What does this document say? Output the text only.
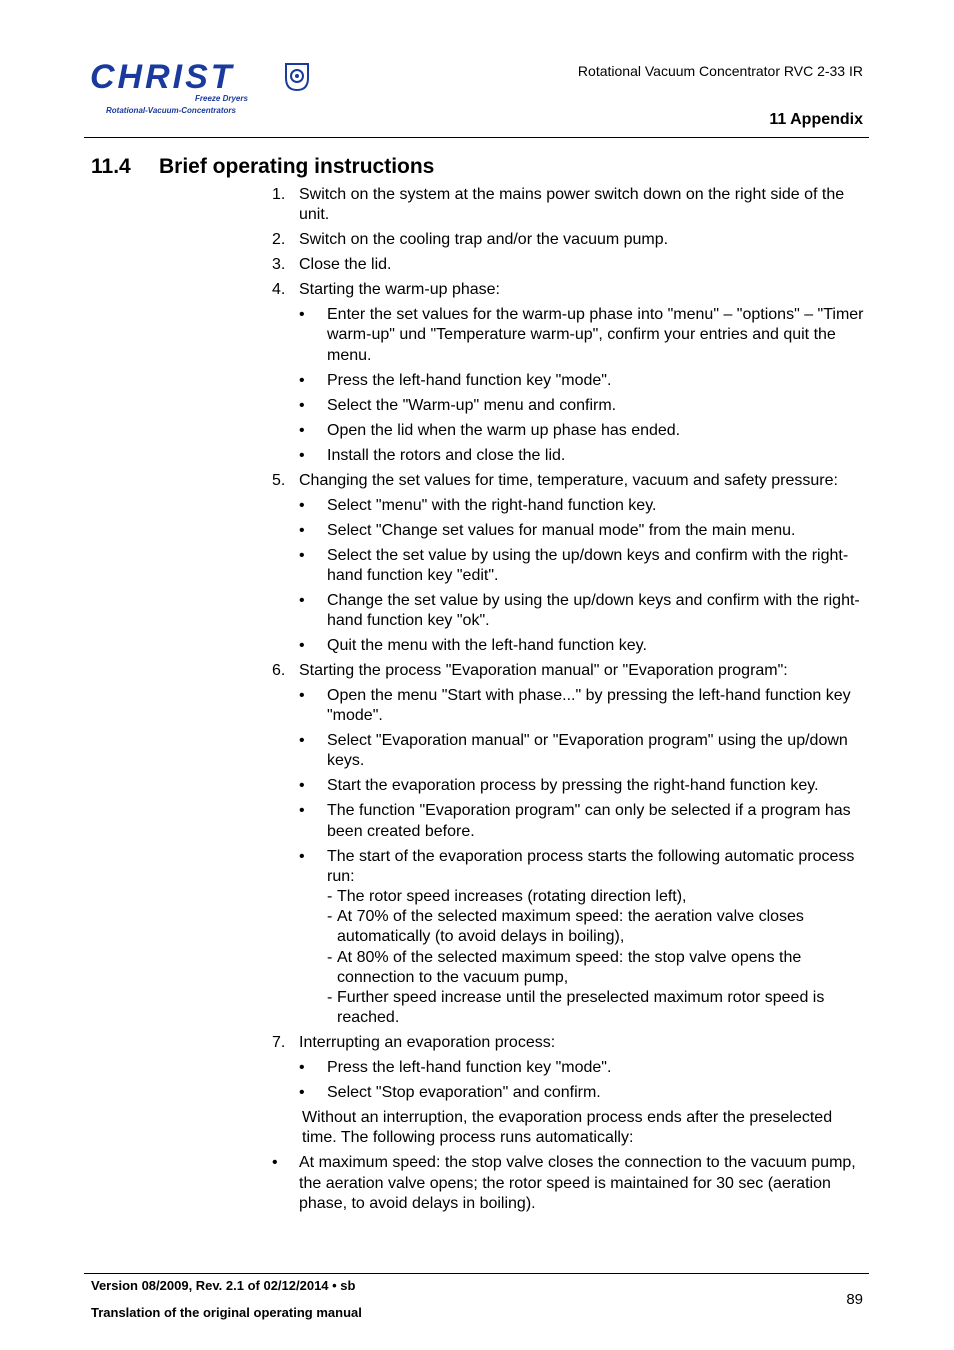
CHRIST
Freeze Dryers
Rotational-Vacuum-Concentrators
Rotational Vacuum Concentrator RVC 2-33 IR
11 Appendix
11.4 Brief operating instructions
1. Switch on the system at the mains power switch down on the right side of the unit.
2. Switch on the cooling trap and/or the vacuum pump.
3. Close the lid.
4. Starting the warm-up phase:
• Enter the set values for the warm-up phase into "menu" – "options" – "Timer warm-up" und "Temperature warm-up", confirm your entries and quit the menu.
• Press the left-hand function key "mode".
• Select the "Warm-up" menu and confirm.
• Open the lid when the warm up phase has ended.
• Install the rotors and close the lid.
5. Changing the set values for time, temperature, vacuum and safety pressure:
• Select "menu" with the right-hand function key.
• Select "Change set values for manual mode" from the main menu.
• Select the set value by using the up/down keys and confirm with the right-hand function key "edit".
• Change the set value by using the up/down keys and confirm with the right-hand function key "ok".
• Quit the menu with the left-hand function key.
6. Starting the process "Evaporation manual" or "Evaporation program":
• Open the menu "Start with phase..." by pressing the left-hand function key "mode".
• Select "Evaporation manual" or "Evaporation program" using the up/down keys.
• Start the evaporation process by pressing the right-hand function key.
• The function "Evaporation program" can only be selected if a program has been created before.
• The start of the evaporation process starts the following automatic process run:
- The rotor speed increases (rotating direction left),
- At 70% of the selected maximum speed: the aeration valve closes automatically (to avoid delays in boiling),
- At 80% of the selected maximum speed: the stop valve opens the connection to the vacuum pump,
- Further speed increase until the preselected maximum rotor speed is reached.
7. Interrupting an evaporation process:
• Press the left-hand function key "mode".
• Select "Stop evaporation" and confirm.
Without an interruption, the evaporation process ends after the preselected time. The following process runs automatically:
• At maximum speed: the stop valve closes the connection to the vacuum pump, the aeration valve opens; the rotor speed is maintained for 30 sec (aeration phase, to avoid delays in boiling).
Version 08/2009, Rev. 2.1 of 02/12/2014 • sb
Translation of the original operating manual
89
